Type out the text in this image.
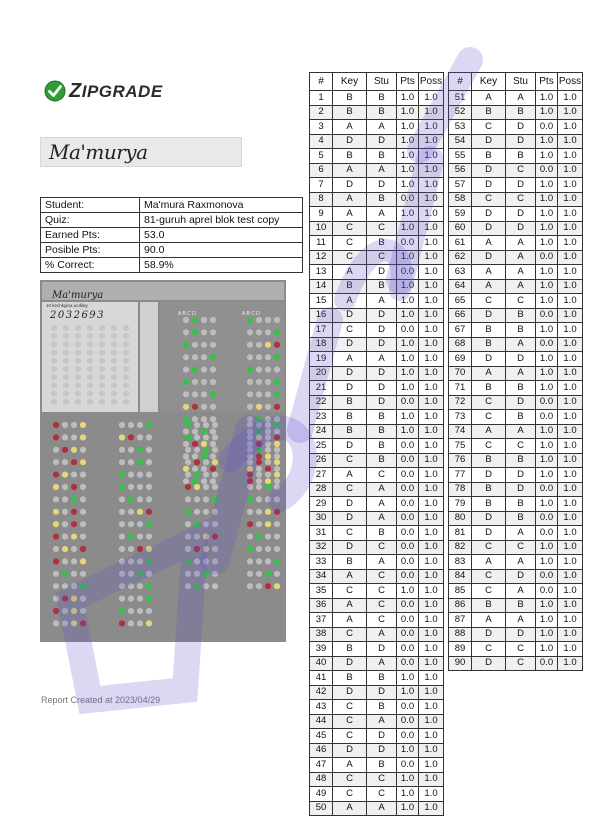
ZIPGRADE
Ma'murya
Student:	Ma'mura Raxmonova
Quiz:	81-guruh aprel blok test copy
Earned Pts:	53.0
Posible Pts:	90.0
% Correct:	58.9%
Ma'murya
10 kechkgina ucdilay
2032693	A B C D	A B C D
Report Created at 2023/04/29
#	Key	Stu	Pts	Poss
1	B	B	1.0	1.0
2	B	B	1.0	1.0
3	A	A	1.0	1.0
4	D	D	1.0	1.0
5	B	B	1.0	1.0
6	A	A	1.0	1.0
7	D	D	1.0	1.0
8	A	B	0.0	1.0
9	A	A	1.0	1.0
10	C	C	1.0	1.0
11	C	B	0.0	1.0
12	C	C	1.0	1.0
13	A	D	0.0	1.0
14	B	B	1.0	1.0
15	A	A	1.0	1.0
16	D	D	1.0	1.0
17	C	D	0.0	1.0
18	D	D	1.0	1.0
19	A	A	1.0	1.0
20	D	D	1.0	1.0
21	D	D	1.0	1.0
22	B	D	0.0	1.0
23	B	B	1.0	1.0
24	B	B	1.0	1.0
25	D	B	0.0	1.0
26	C	B	0.0	1.0
27	A	C	0.0	1.0
28	C	A	0.0	1.0
29	D	A	0.0	1.0
30	D	A	0.0	1.0
31	C	B	0.0	1.0
32	D	C	0.0	1.0
33	B	A	0.0	1.0
34	A	C	0.0	1.0
35	C	C	1.0	1.0
36	A	C	0.0	1.0
37	A	C	0.0	1.0
38	C	A	0.0	1.0
39	B	D	0.0	1.0
40	D	A	0.0	1.0
41	B	B	1.0	1.0
42	D	D	1.0	1.0
43	C	B	0.0	1.0
44	C	A	0.0	1.0
45	C	D	0.0	1.0
46	D	D	1.0	1.0
47	A	B	0.0	1.0
48	C	C	1.0	1.0
49	C	C	1.0	1.0
50	A	A	1.0	1.0
#	Key	Stu	Pts	Poss
51	A	A	1.0	1.0
52	B	B	1.0	1.0
53	C	D	0.0	1.0
54	D	D	1.0	1.0
55	B	B	1.0	1.0
56	D	C	0.0	1.0
57	D	D	1.0	1.0
58	C	C	1.0	1.0
59	D	D	1.0	1.0
60	D	D	1.0	1.0
61	A	A	1.0	1.0
62	D	A	0.0	1.0
63	A	A	1.0	1.0
64	A	A	1.0	1.0
65	C	C	1.0	1.0
66	D	B	0.0	1.0
67	B	B	1.0	1.0
68	B	A	0.0	1.0
69	D	D	1.0	1.0
70	A	A	1.0	1.0
71	B	B	1.0	1.0
72	C	D	0.0	1.0
73	C	B	0.0	1.0
74	A	A	1.0	1.0
75	C	C	1.0	1.0
76	B	B	1.0	1.0
77	D	D	1.0	1.0
78	B	D	0.0	1.0
79	B	B	1.0	1.0
80	D	B	0.0	1.0
81	D	A	0.0	1.0
82	C	C	1.0	1.0
83	A	A	1.0	1.0
84	C	D	0.0	1.0
85	C	A	0.0	1.0
86	B	B	1.0	1.0
87	A	A	1.0	1.0
88	D	D	1.0	1.0
89	C	C	1.0	1.0
90	D	C	0.0	1.0
